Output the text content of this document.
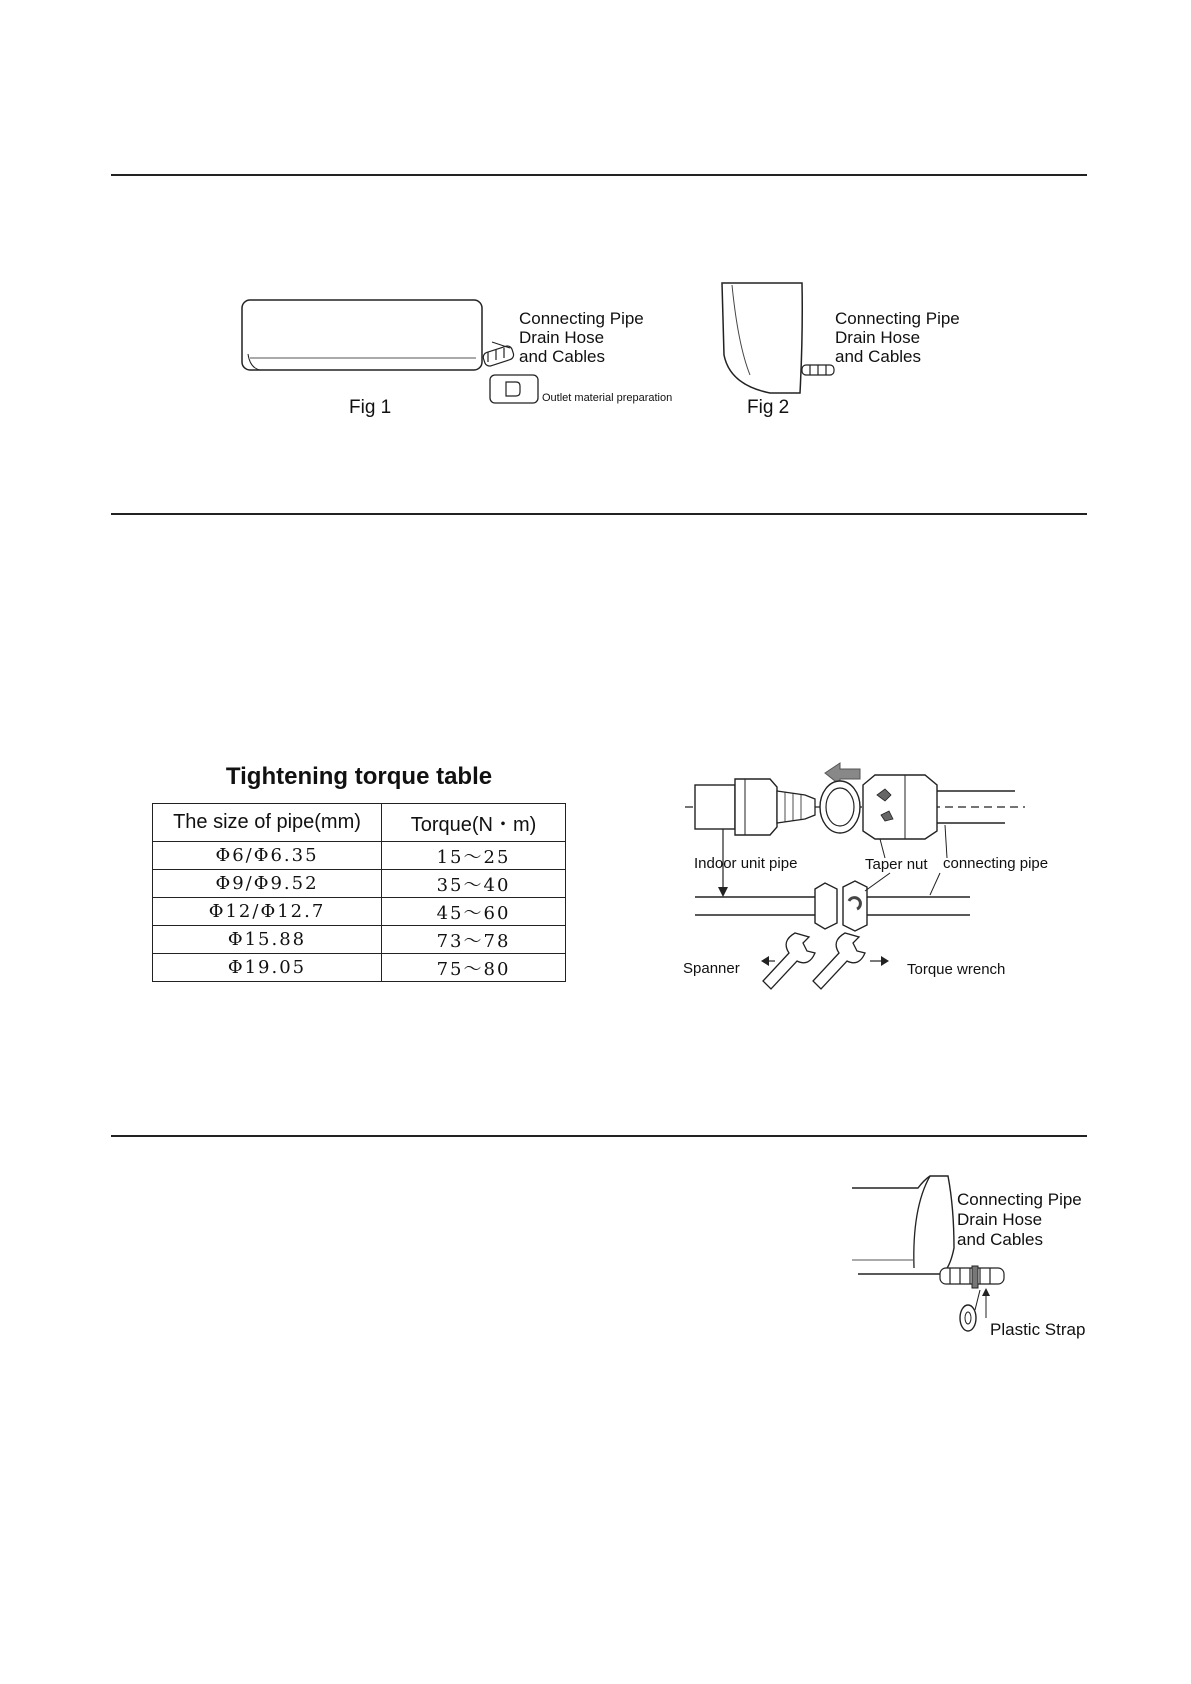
Connecting Pipe
Drain Hose
and Cables
Outlet material preparation
Fig 1
Connecting Pipe
Drain Hose
and Cables
Fig 2
Tightening torque table
The size of pipe(mm)	Torque(N・m)
Φ6/Φ6.35	15～25
Φ9/Φ9.52	35～40
Φ12/Φ12.7	45～60
Φ15.88	73～78
Φ19.05	75～80
Indoor unit pipe	Taper nut connecting pipe
Spanner	Torque wrench
Connecting Pipe
Drain Hose
and Cables
Plastic Strap
